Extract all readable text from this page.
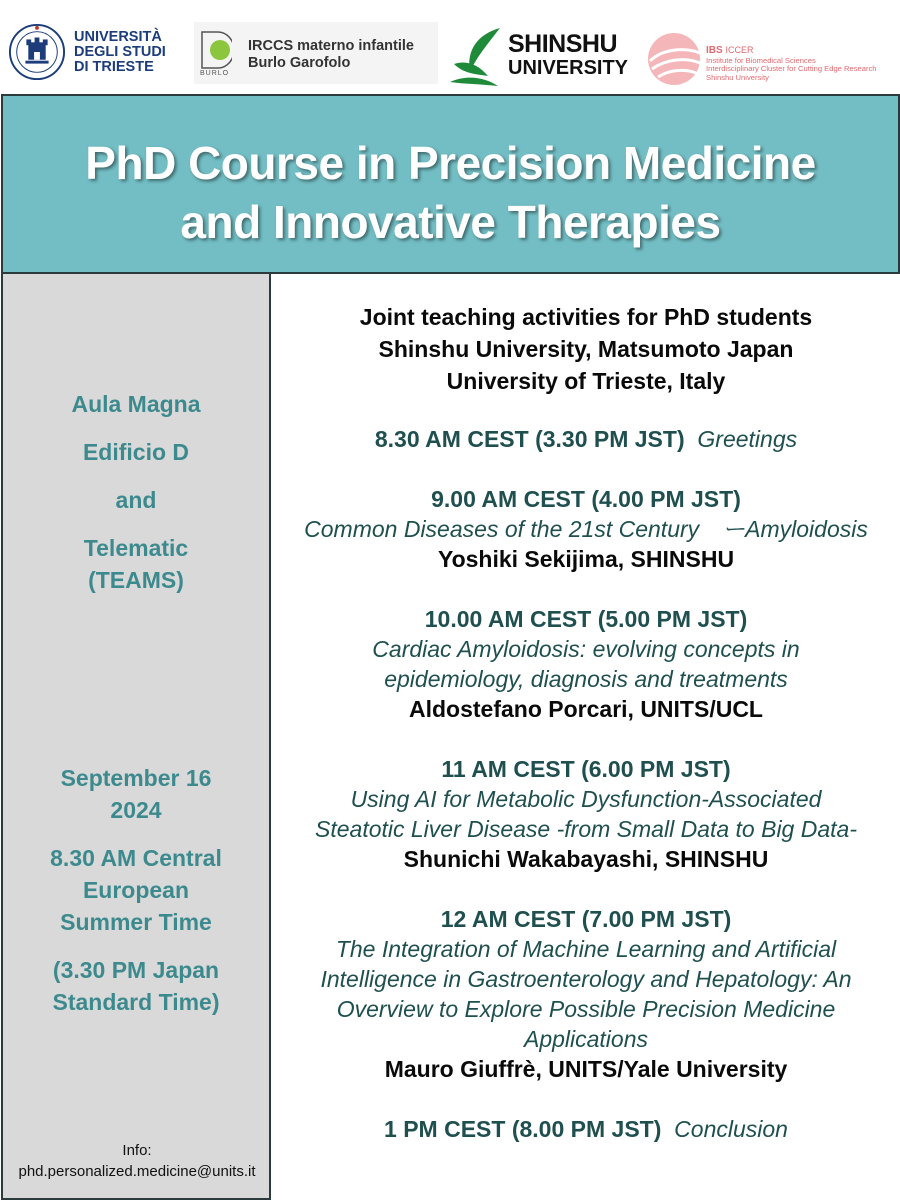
UNIVERSITÀ
DEGLI STUDI
DI TRIESTE	BURLO
IRCCS materno infantile
Burlo Garofolo
SHINSHU
UNIVERSITY
IBS ICCER
Institute for Biomedical Sciences
Interdisciplinary Cluster for Cutting Edge Research
Shinshu University
PhD Course in Precision Medicine
and Innovative Therapies
Aula Magna
Edificio D
and
Telematic
(TEAMS)
September 16
2024
8.30 AM Central
European
Summer Time
(3.30 PM Japan
Standard Time)
Info:
phd.personalized.medicine@units.it
Joint teaching activities for PhD students
Shinshu University, Matsumoto Japan
University of Trieste, Italy
8.30 AM CEST (3.30 PM JST) Greetings
9.00 AM CEST (4.00 PM JST)
Common Diseases of the 21st Century　ーAmyloidosis
Yoshiki Sekijima, SHINSHU
10.00 AM CEST (5.00 PM JST)
Cardiac Amyloidosis: evolving concepts in
epidemiology, diagnosis and treatments
Aldostefano Porcari, UNITS/UCL
11 AM CEST (6.00 PM JST)
Using AI for Metabolic Dysfunction-Associated
Steatotic Liver Disease -from Small Data to Big Data-
Shunichi Wakabayashi, SHINSHU
12 AM CEST (7.00 PM JST)
The Integration of Machine Learning and Artificial
Intelligence in Gastroenterology and Hepatology: An
Overview to Explore Possible Precision Medicine
Applications
Mauro Giuffrè, UNITS/Yale University
1 PM CEST (8.00 PM JST) Conclusion
